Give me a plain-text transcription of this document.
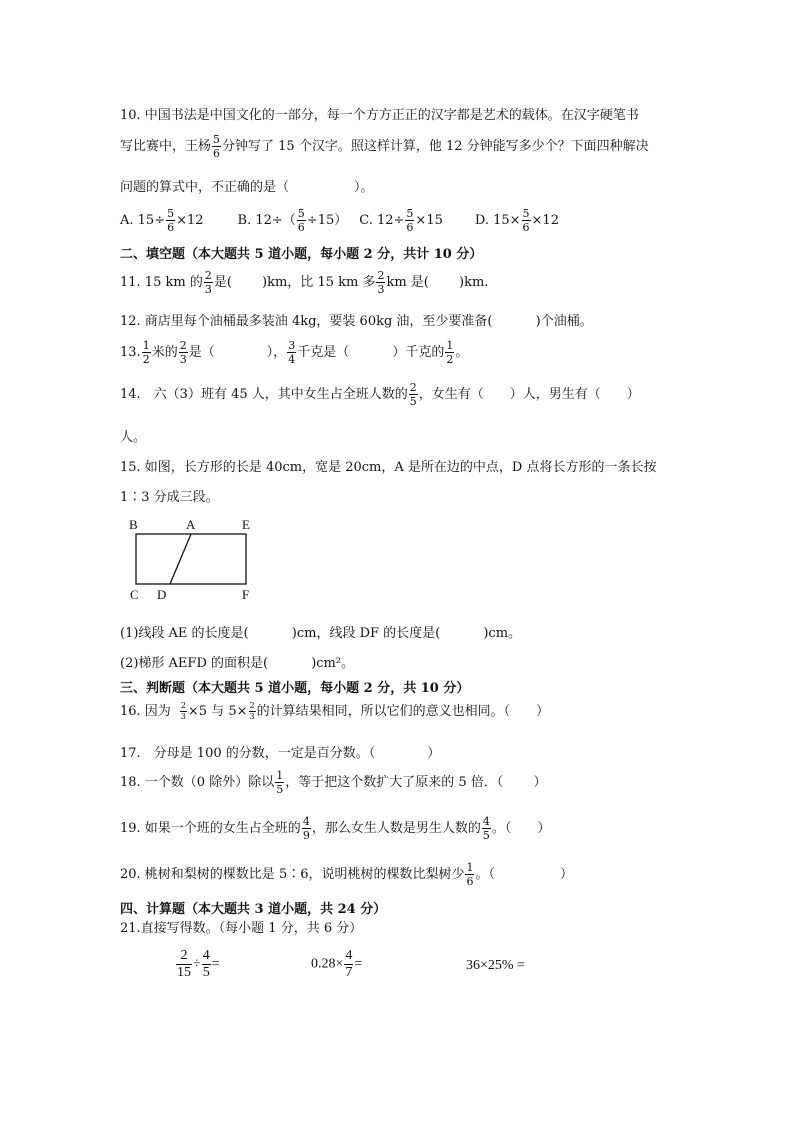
10. 中国书法是中国文化的一部分，每一个方方正正的汉字都是艺术的载体。在汉字硬笔书
写比赛中，王杨 $\frac{5}{6}$ 分钟写了 15 个汉字。照这样计算，他 12 分钟能写多少个？下面四种解决
问题的算式中，不正确的是（　　　　　）。
A. $15\div \frac{5}{6} \times 12$	B. $12\div( \frac{5}{6} \div 15)$ C. $12\div \frac{5}{6} \times 15$ D. $15\times \frac{5}{6} \times 12$
二、填空题（本大题共 5 道小题，每小题 2 分，共计 10 分）
11. 15 km 的 $\frac{2}{3}$ 是(　　 )km，比 15 km 多 $\frac{2}{3}$ km 是(　　 )km.
12. 商店里每个油桶最多装油 4kg，要装 60kg 油，至少要准备(　　　 )个油桶。
13. $\frac{1}{2}$ 米的 $\frac{2}{3}$ 是（　　　　）， $\frac{3}{4}$ 千克是（　　　 ）千克的 $\frac{1}{2}$ 。
14.　六（3）班有 45 人，其中女生占全班人数的 $\frac{2}{5}$ ，女生有（　　）人，男生有（　　）
人。
15. 如图，长方形的长是 40cm，宽是 20cm，A 是所在边的中点，D 点将长方形的一条长按
1∶3 分成三段。
B	A	E
C D	F
(1)线段 AE 的长度是(　　　 )cm，线段 DF 的长度是(　　　 )cm。
(2)梯形 AEFD 的面积是(　　　 )cm²。
三、判断题（本大题共 5 道小题，每小题 2 分，共 10 分）
16. 因为 $\frac{2}{3} \times 5$ 与 $5\times \frac{2}{3}$ 的计算结果相同，所以它们的意义也相同。（　　）
17.　分母是 100 的分数，一定是百分数。（　　　　）
18. 一个数（0 除外）除以 $\frac{1}{5}$ ，等于把这个数扩大了原来的 5 倍．（　　 ）
19. 如果一个班的女生占全班的 $\frac{4}{9}$ ，那么女生人数是男生人数的 $\frac{4}{5}$ 。（　　）
20. 桃树和梨树的棵数比是 5∶6，说明桃树的棵数比梨树少 $\frac{1}{6}$ 。（　　　　　）
四、计算题（本大题共 3 道小题，共 24 分）
21.直接写得数。（每小题 1 分，共 6 分）
$\frac{2}{15} \div \frac{4}{5}$ =	$0.28\times \frac{4}{7}$ =	36×25% =
